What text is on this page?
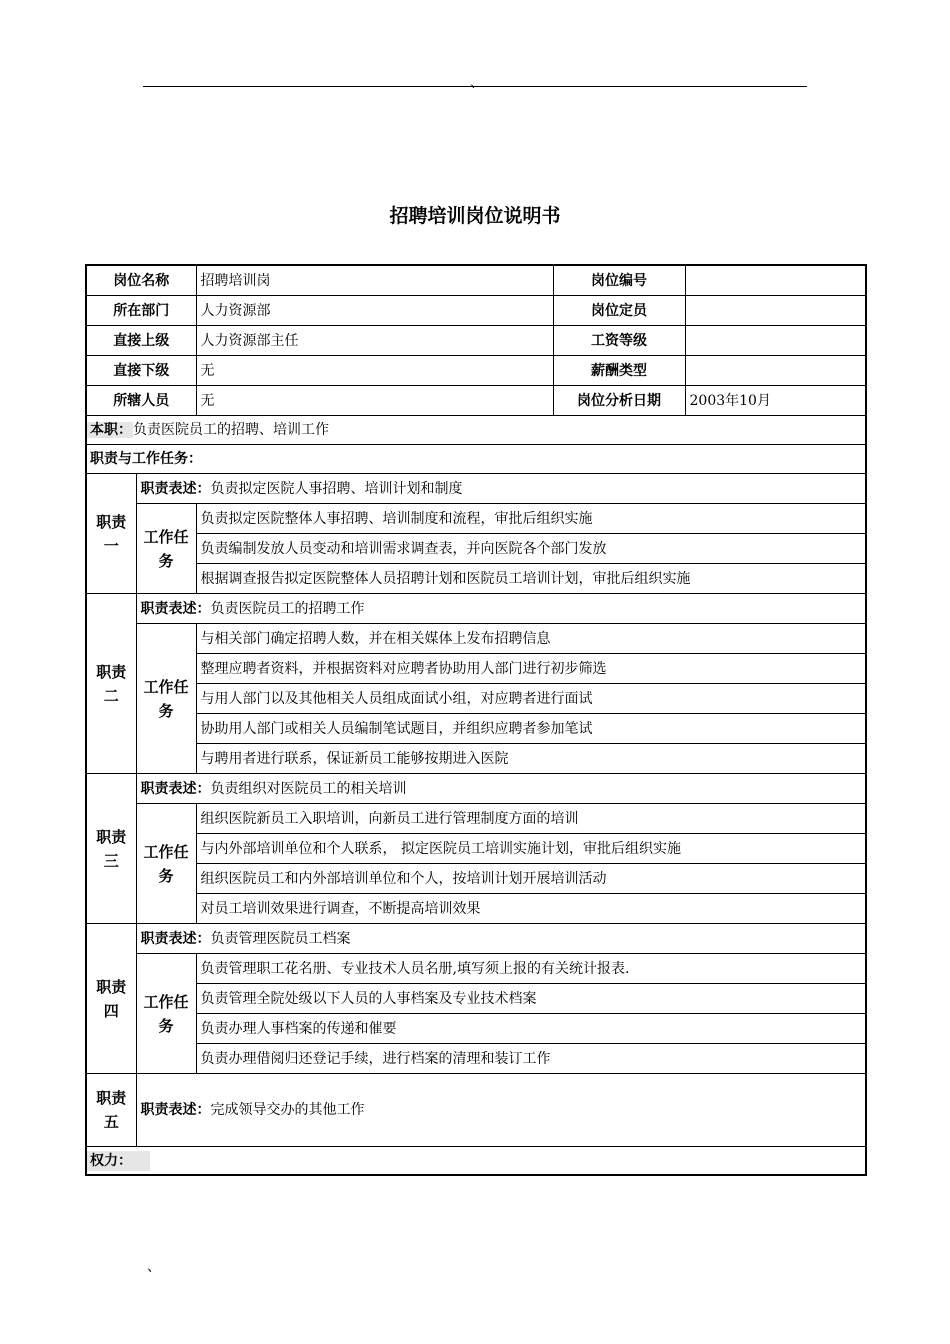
、
招聘培训岗位说明书
岗位名称		招聘培训岗	岗位编号	
所在部门		人力资源部	岗位定员	
直接上级		人力资源部主任	工资等级	
直接下级		无	薪酬类型	
所辖人员		无	岗位分析日期	2003年10月
本职：负责医院员工的招聘、培训工作				
职责与工作任务：				
职责一	职责表述：负责拟定医院人事招聘、培训计划和制度			
	工作任务	负责拟定医院整体人事招聘、培训制度和流程，审批后组织实施		
		负责编制发放人员变动和培训需求调查表，并向医院各个部门发放		
		根据调查报告拟定医院整体人员招聘计划和医院员工培训计划，审批后组织实施		
职责二	职责表述：负责医院员工的招聘工作			
	工作任务	与相关部门确定招聘人数，并在相关媒体上发布招聘信息		
		整理应聘者资料，并根据资料对应聘者协助用人部门进行初步筛选		
		与用人部门以及其他相关人员组成面试小组，对应聘者进行面试		
		协助用人部门或相关人员编制笔试题目，并组织应聘者参加笔试		
		与聘用者进行联系，保证新员工能够按期进入医院		
职责三	职责表述：负责组织对医院员工的相关培训			
	工作任务	组织医院新员工入职培训，向新员工进行管理制度方面的培训		
		与内外部培训单位和个人联系， 拟定医院员工培训实施计划，审批后组织实施		
		组织医院员工和内外部培训单位和个人，按培训计划开展培训活动		
		对员工培训效果进行调查，不断提高培训效果		
职责四	职责表述：负责管理医院员工档案			
	工作任务	负责管理职工花名册、专业技术人员名册,填写须上报的有关统计报表.		
		负责管理全院处级以下人员的人事档案及专业技术档案		
		负责办理人事档案的传递和催要		
		负责办理借阅归还登记手续，进行档案的清理和装订工作		
职责五	职责表述：完成领导交办的其他工作			
权力：				
、
